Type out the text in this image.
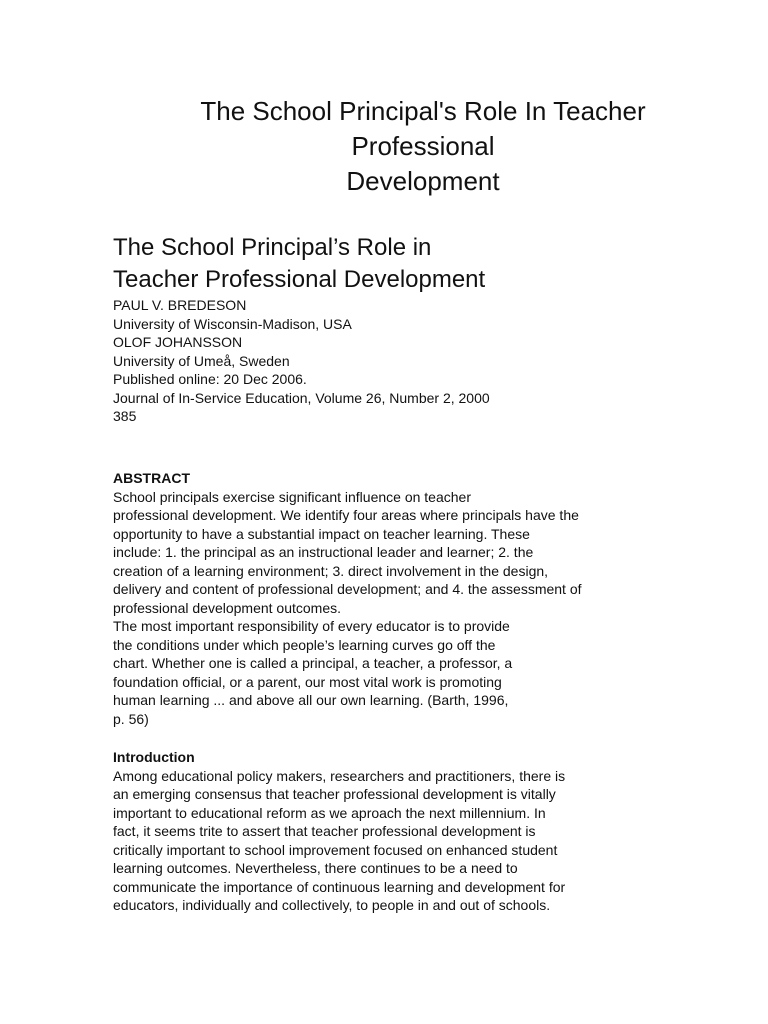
The School Principal's Role In Teacher
Professional
Development
The School Principal’s Role in
Teacher Professional Development
PAUL V. BREDESON
University of Wisconsin-Madison, USA
OLOF JOHANSSON
University of Umeå, Sweden
Published online: 20 Dec 2006.
Journal of In-Service Education, Volume 26, Number 2, 2000
385
ABSTRACT
School principals exercise significant influence on teacher
professional development. We identify four areas where principals have the
opportunity to have a substantial impact on teacher learning. These
include: 1. the principal as an instructional leader and learner; 2. the
creation of a learning environment; 3. direct involvement in the design,
delivery and content of professional development; and 4. the assessment of
professional development outcomes.
The most important responsibility of every educator is to provide
the conditions under which people’s learning curves go off the
chart. Whether one is called a principal, a teacher, a professor, a
foundation official, or a parent, our most vital work is promoting
human learning ... and above all our own learning. (Barth, 1996,
p. 56)
Introduction
Among educational policy makers, researchers and practitioners, there is
an emerging consensus that teacher professional development is vitally
important to educational reform as we aproach the next millennium. In
fact, it seems trite to assert that teacher professional development is
critically important to school improvement focused on enhanced student
learning outcomes. Nevertheless, there continues to be a need to
communicate the importance of continuous learning and development for
educators, individually and collectively, to people in and out of schools.
